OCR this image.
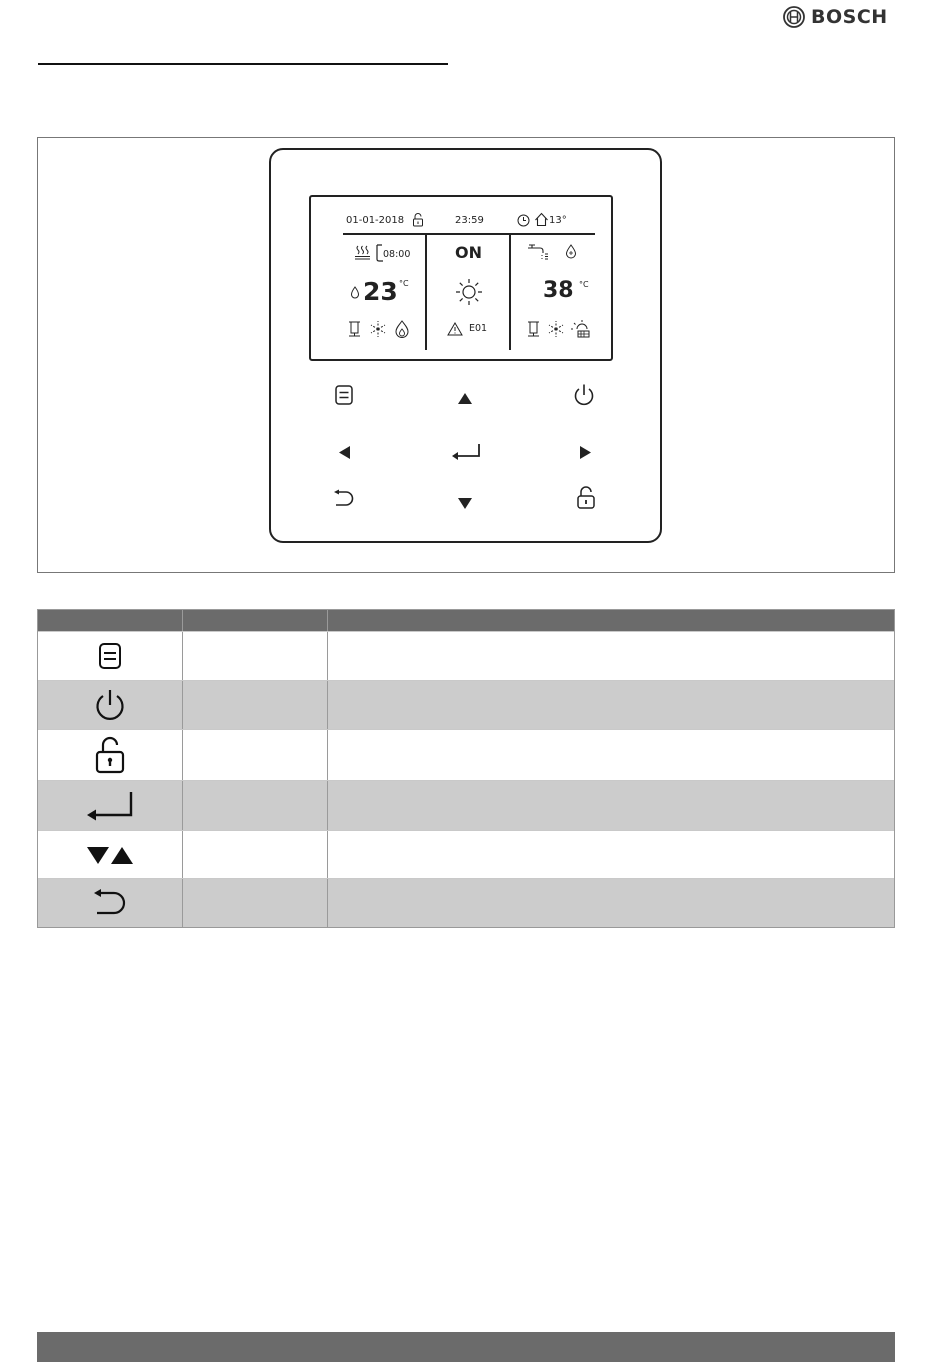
BOSCH
01-01-2018	23:59	13°
08:00
23 °C
ON
E01
38 °C
